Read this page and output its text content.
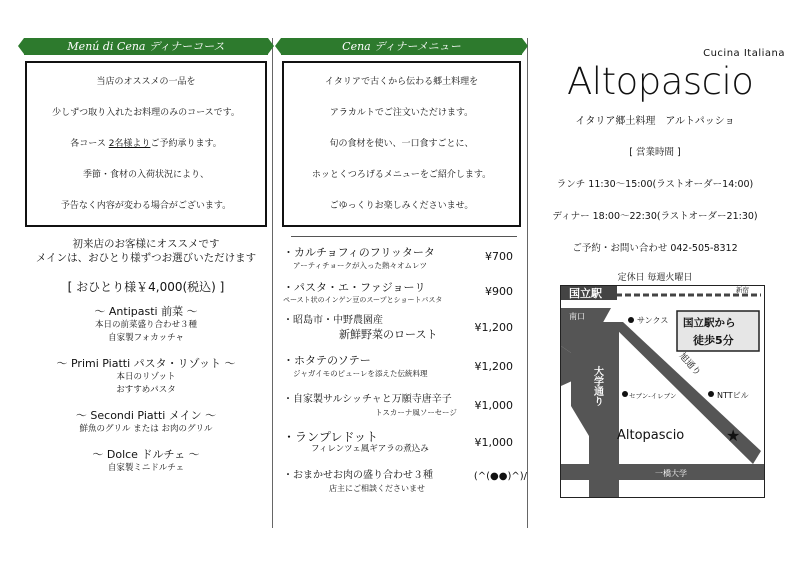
Menú di Cena ディナーコース

当店のオススメの一品を

少しずつ取り入れたお料理のみのコースです。

各コース 2名様よりご予約承ります。

季節・食材の入荷状況により、

予告なく内容が変わる場合がございます。

初来店のお客様にオススメです
メインは、おひとり様ずつお選びいただけます
[ おひとり様￥4,000(税込) ]
～ Antipasti 前菜 ～
本日の前菜盛り合わせ３種
自家製フォカッチャ
～ Primi Piatti パスタ・リゾット ～
本日のリゾット
おすすめパスタ
～ Secondi Piatti メイン ～
鮮魚のグリル または お肉のグリル
～ Dolce ドルチェ ～
自家製ミニドルチェ
Cena ディナーメニュー

イタリアで古くから伝わる郷土料理を

アラカルトでご注文いただけます。

旬の食材を使い、一口食すごとに、

ホッとくつろげるメニューをご紹介します。

ごゆっくりお楽しみくださいませ。

・カルチョフィのフリッタータ
アーティチョークが入った熱々オムレツ
¥700
・パスタ・エ・ファジョーリ
ペースト状のインゲン豆のスープとショートパスタ
¥900
・昭島市・中野農園産
新鮮野菜のロースト
¥1,200
・ホタテのソテー
ジャガイモのピューレを添えた伝統料理
¥1,200
・自家製サルシッチャと万願寺唐辛子
トスカーナ風ソーセージ
¥1,000
・ランプレドット
フィレンツェ風ギアラの煮込み	¥1,000
・おまかせお肉の盛り合わせ３種
店主にご相談くださいませ
(^(●●)^)/
Cucina Italiana
Altopascio
イタリア郷土料理　アルトパッショ
[ 営業時間 ]
ランチ 11:30～15:00(ラストオーダー14:00)
ディナー 18:00～22:30(ラストオーダー21:30)
ご予約・お問い合わせ 042-505-8312
定休日 毎週火曜日
国立駅	新宿
南口
大学通り
旭通り
サンクス 国立駅から
徒歩5分
セブン-イレブン	NTTビル
Altopascio	★
一橋大学
